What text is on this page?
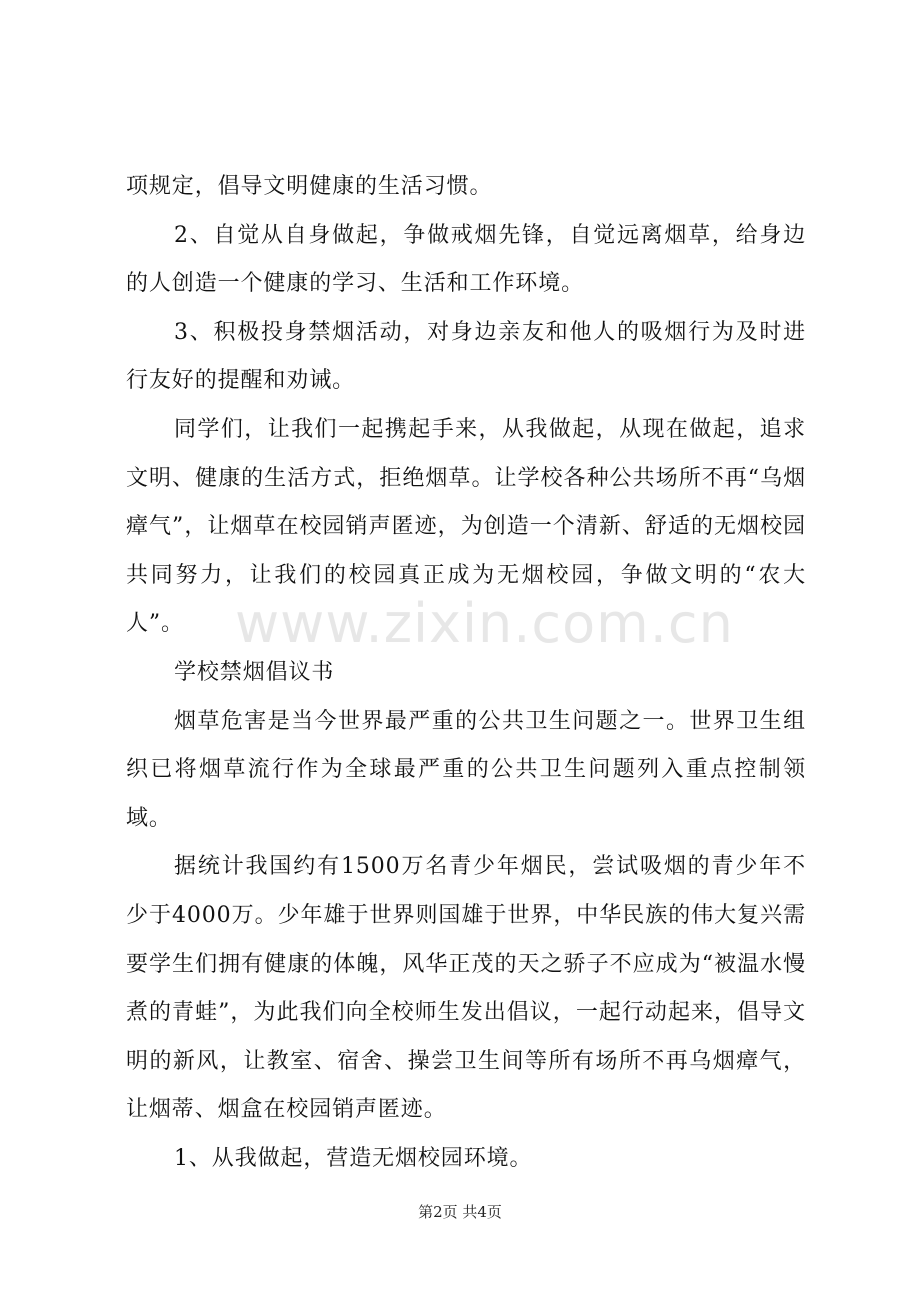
项规定，倡导文明健康的生活习惯。

2、自觉从自身做起，争做戒烟先锋，自觉远离烟草，给身边的人创造一个健康的学习、生活和工作环境。

3、积极投身禁烟活动，对身边亲友和他人的吸烟行为及时进行友好的提醒和劝诫。

同学们，让我们一起携起手来，从我做起，从现在做起，追求文明、健康的生活方式，拒绝烟草。让学校各种公共场所不再“乌烟瘴气”，让烟草在校园销声匿迹，为创造一个清新、舒适的无烟校园共同努力，让我们的校园真正成为无烟校园，争做文明的“农大人”。

学校禁烟倡议书

烟草危害是当今世界最严重的公共卫生问题之一。世界卫生组织已将烟草流行作为全球最严重的公共卫生问题列入重点控制领域。

据统计我国约有1500万名青少年烟民，尝试吸烟的青少年不少于4000万。少年雄于世界则国雄于世界，中华民族的伟大复兴需要学生们拥有健康的体魄，风华正茂的天之骄子不应成为“被温水慢煮的青蛙”，为此我们向全校师生发出倡议，一起行动起来，倡导文明的新风，让教室、宿舍、操尝卫生间等所有场所不再乌烟瘴气，让烟蒂、烟盒在校园销声匿迹。

1、从我做起，营造无烟校园环境。

www.zixin.com.cn
第2页 共4页
